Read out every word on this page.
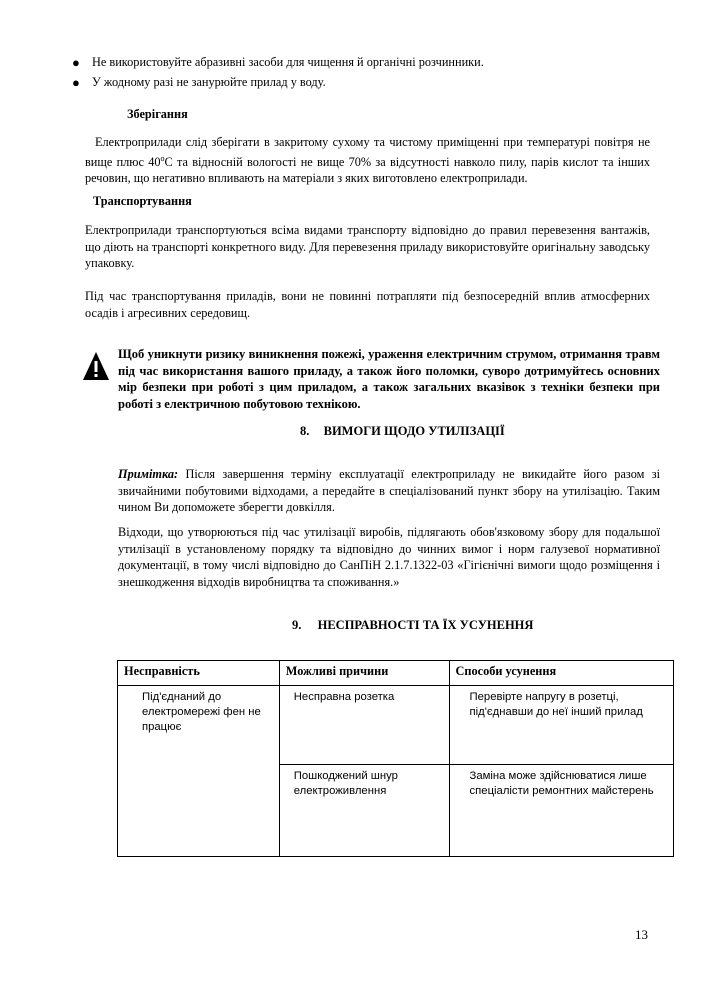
● Не використовуйте абразивні засоби для чищення й органічні розчинники.
● У жодному разі не занурюйте прилад у воду.
Зберігання
Електроприлади слід зберігати в закритому сухому та чистому приміщенні при температурі повітря не вище плюс $40^оС$ та відносній вологості не вище 70% за відсутності навколо пилу, парів кислот та інших речовин, що негативно впливають на матеріали з яких виготовлено електроприлади.
Транспортування
Електроприлади транспортуються всіма видами транспорту відповідно до правил перевезення вантажів, що діють на транспорті конкретного виду. Для перевезення приладу використовуйте оригінальну заводську упаковку.
Під час транспортування приладів, вони не повинні потрапляти під безпосередній вплив атмосферних осадів і агресивних середовищ.
Щоб уникнути ризику виникнення пожежі, ураження електричним струмом, отримання травм під час використання вашого приладу, а також його поломки, суворо дотримуйтесь основних мір безпеки при роботі з цим приладом, а також загальних вказівок з техніки безпеки при роботі з електричною побутовою технікою.
8. ВИМОГИ ЩОДО УТИЛІЗАЦІЇ
Примітка: Після завершення терміну експлуатації електроприладу не викидайте його разом зі звичайними побутовими відходами, а передайте в спеціалізований пункт збору на утилізацію. Таким чином Ви допоможете зберегти довкілля.
Відходи, що утворюються під час утилізації виробів, підлягають обов'язковому збору для подальшої утилізації в установленому порядку та відповідно до чинних вимог і норм галузевої нормативної документації, в тому числі відповідно до СанПіН 2.1.7.1322-03 «Гігієнічні вимоги щодо розміщення і знешкодження відходів виробництва та споживання.»
9. НЕСПРАВНОСТІ ТА ЇХ УСУНЕННЯ
Несправність	Можливі причини	Способи усунення
Під'єднаний до електромережі фен не працює	Несправна розетка	Перевірте напругу в розетці, під'єднавши до неї інший прилад
	Пошкоджений шнур електроживлення	Заміна може здійснюватися лише спеціалісти ремонтних майстерень
13
